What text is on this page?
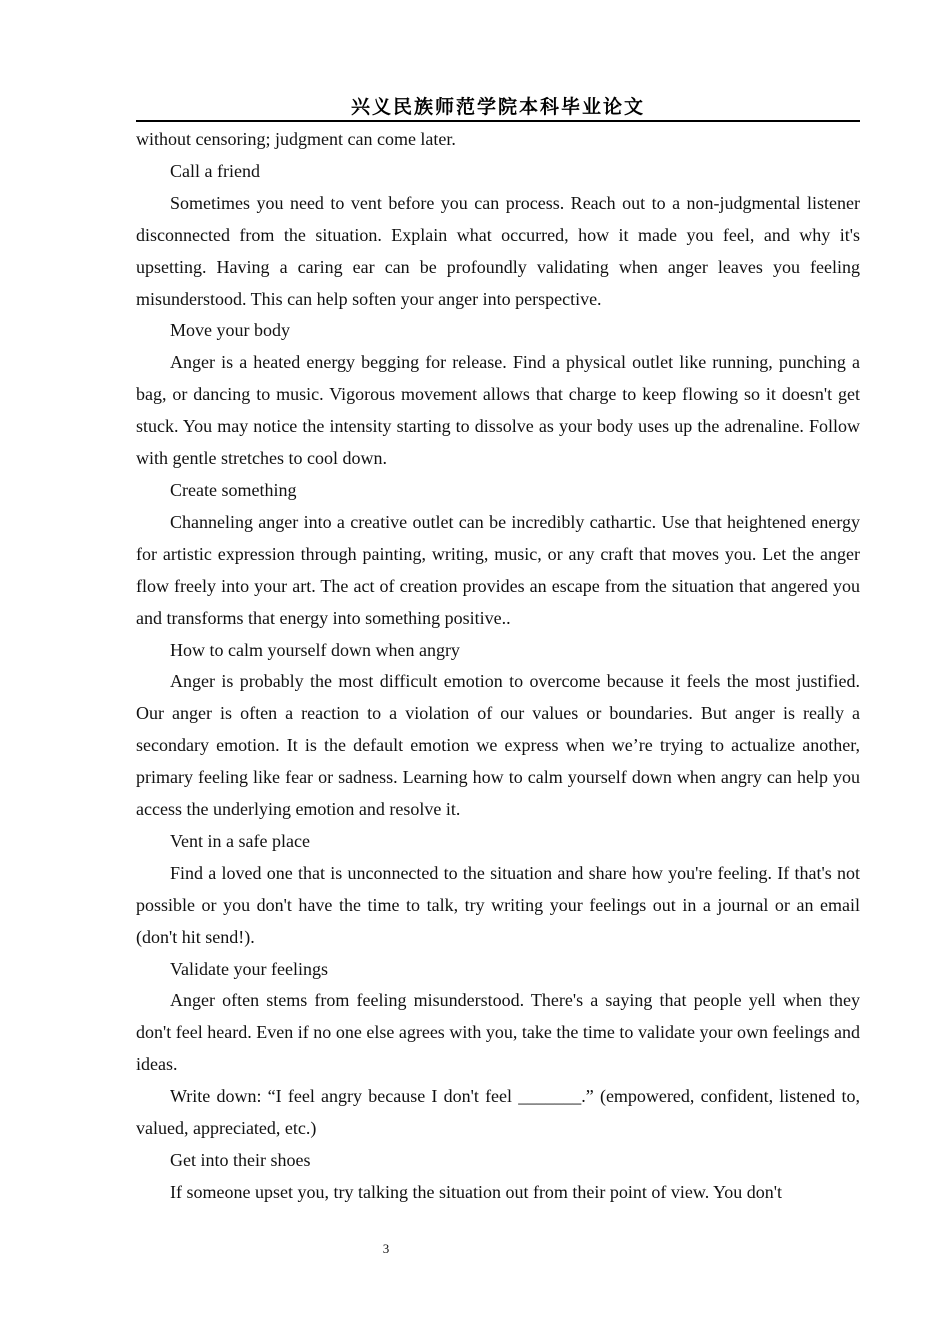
兴义民族师范学院本科毕业论文

without censoring; judgment can come later.

Call a friend

Sometimes you need to vent before you can process. Reach out to a non-judgmental listener disconnected from the situation. Explain what occurred, how it made you feel, and why it's upsetting. Having a caring ear can be profoundly validating when anger leaves you feeling misunderstood. This can help soften your anger into perspective.

Move your body

Anger is a heated energy begging for release. Find a physical outlet like running, punching a bag, or dancing to music. Vigorous movement allows that charge to keep flowing so it doesn't get stuck. You may notice the intensity starting to dissolve as your body uses up the adrenaline. Follow with gentle stretches to cool down.

Create something

Channeling anger into a creative outlet can be incredibly cathartic. Use that heightened energy for artistic expression through painting, writing, music, or any craft that moves you. Let the anger flow freely into your art. The act of creation provides an escape from the situation that angered you and transforms that energy into something positive..

How to calm yourself down when angry

Anger is probably the most difficult emotion to overcome because it feels the most justified. Our anger is often a reaction to a violation of our values or boundaries. But anger is really a secondary emotion. It is the default emotion we express when we’re trying to actualize another, primary feeling like fear or sadness. Learning how to calm yourself down when angry can help you access the underlying emotion and resolve it.

Vent in a safe place

Find a loved one that is unconnected to the situation and share how you're feeling. If that's not possible or you don't have the time to talk, try writing your feelings out in a journal or an email (don't hit send!).

Validate your feelings

Anger often stems from feeling misunderstood. There's a saying that people yell when they don't feel heard. Even if no one else agrees with you, take the time to validate your own feelings and ideas.

Write down: “I feel angry because I don't feel _______.” (empowered, confident, listened to, valued, appreciated, etc.)

Get into their shoes

If someone upset you, try talking the situation out from their point of view. You don't

3
